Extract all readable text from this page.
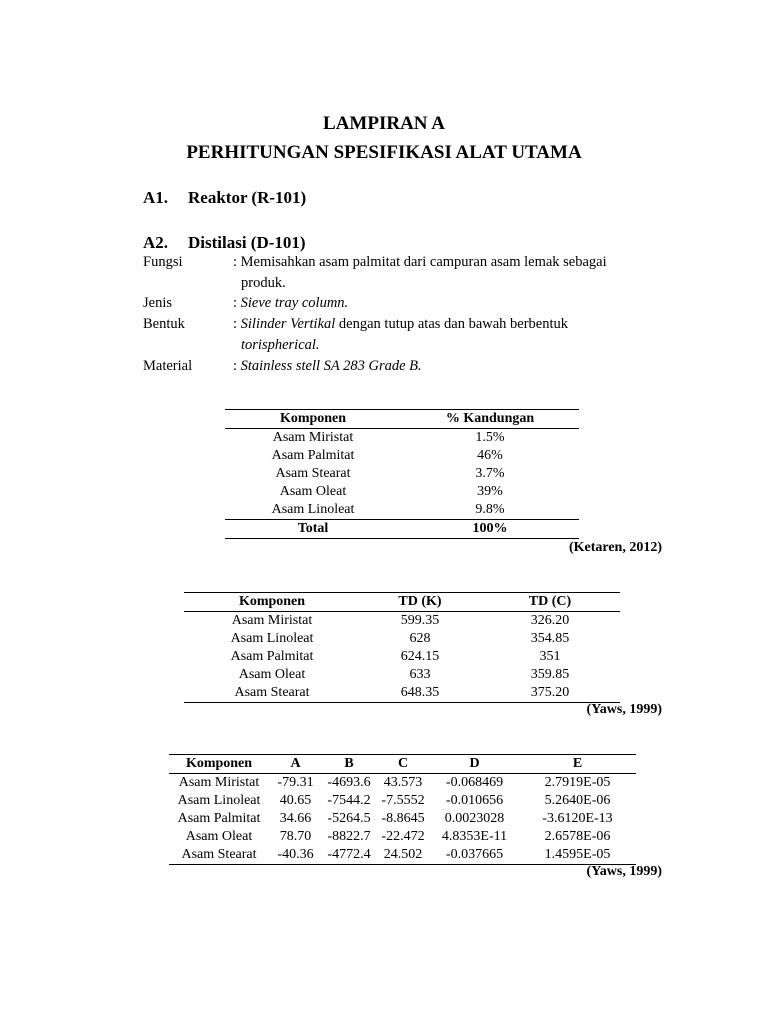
LAMPIRAN A
PERHITUNGAN SPESIFIKASI ALAT UTAMA
A1. Reaktor (R-101)
A2. Distilasi (D-101)
Fungsi	: Memisahkan asam palmitat dari campuran asam lemak sebagai
produk.
Jenis	: Sieve tray column.
Bentuk	: Silinder Vertikal dengan tutup atas dan bawah berbentuk
torispherical.
Material	: Stainless stell SA 283 Grade B.
Komponen	% Kandungan
Asam Miristat	1.5%
Asam Palmitat	46%
Asam Stearat	3.7%
Asam Oleat	39%
Asam Linoleat	9.8%
Total	100%
(Ketaren, 2012)
Komponen	TD (K)	TD (C)
Asam Miristat	599.35	326.20
Asam Linoleat	628	354.85
Asam Palmitat	624.15	351
Asam Oleat	633	359.85
Asam Stearat	648.35	375.20
(Yaws, 1999)
Komponen	A	B	C	D	E
Asam Miristat	-79.31	-4693.6	43.573	-0.068469	2.7919E-05
Asam Linoleat	40.65	-7544.2	-7.5552	-0.010656	5.2640E-06
Asam Palmitat	34.66	-5264.5	-8.8645	0.0023028	-3.6120E-13
Asam Oleat	78.70	-8822.7	-22.472	4.8353E-11	2.6578E-06
Asam Stearat	-40.36	-4772.4	24.502	-0.037665	1.4595E-05
(Yaws, 1999)
